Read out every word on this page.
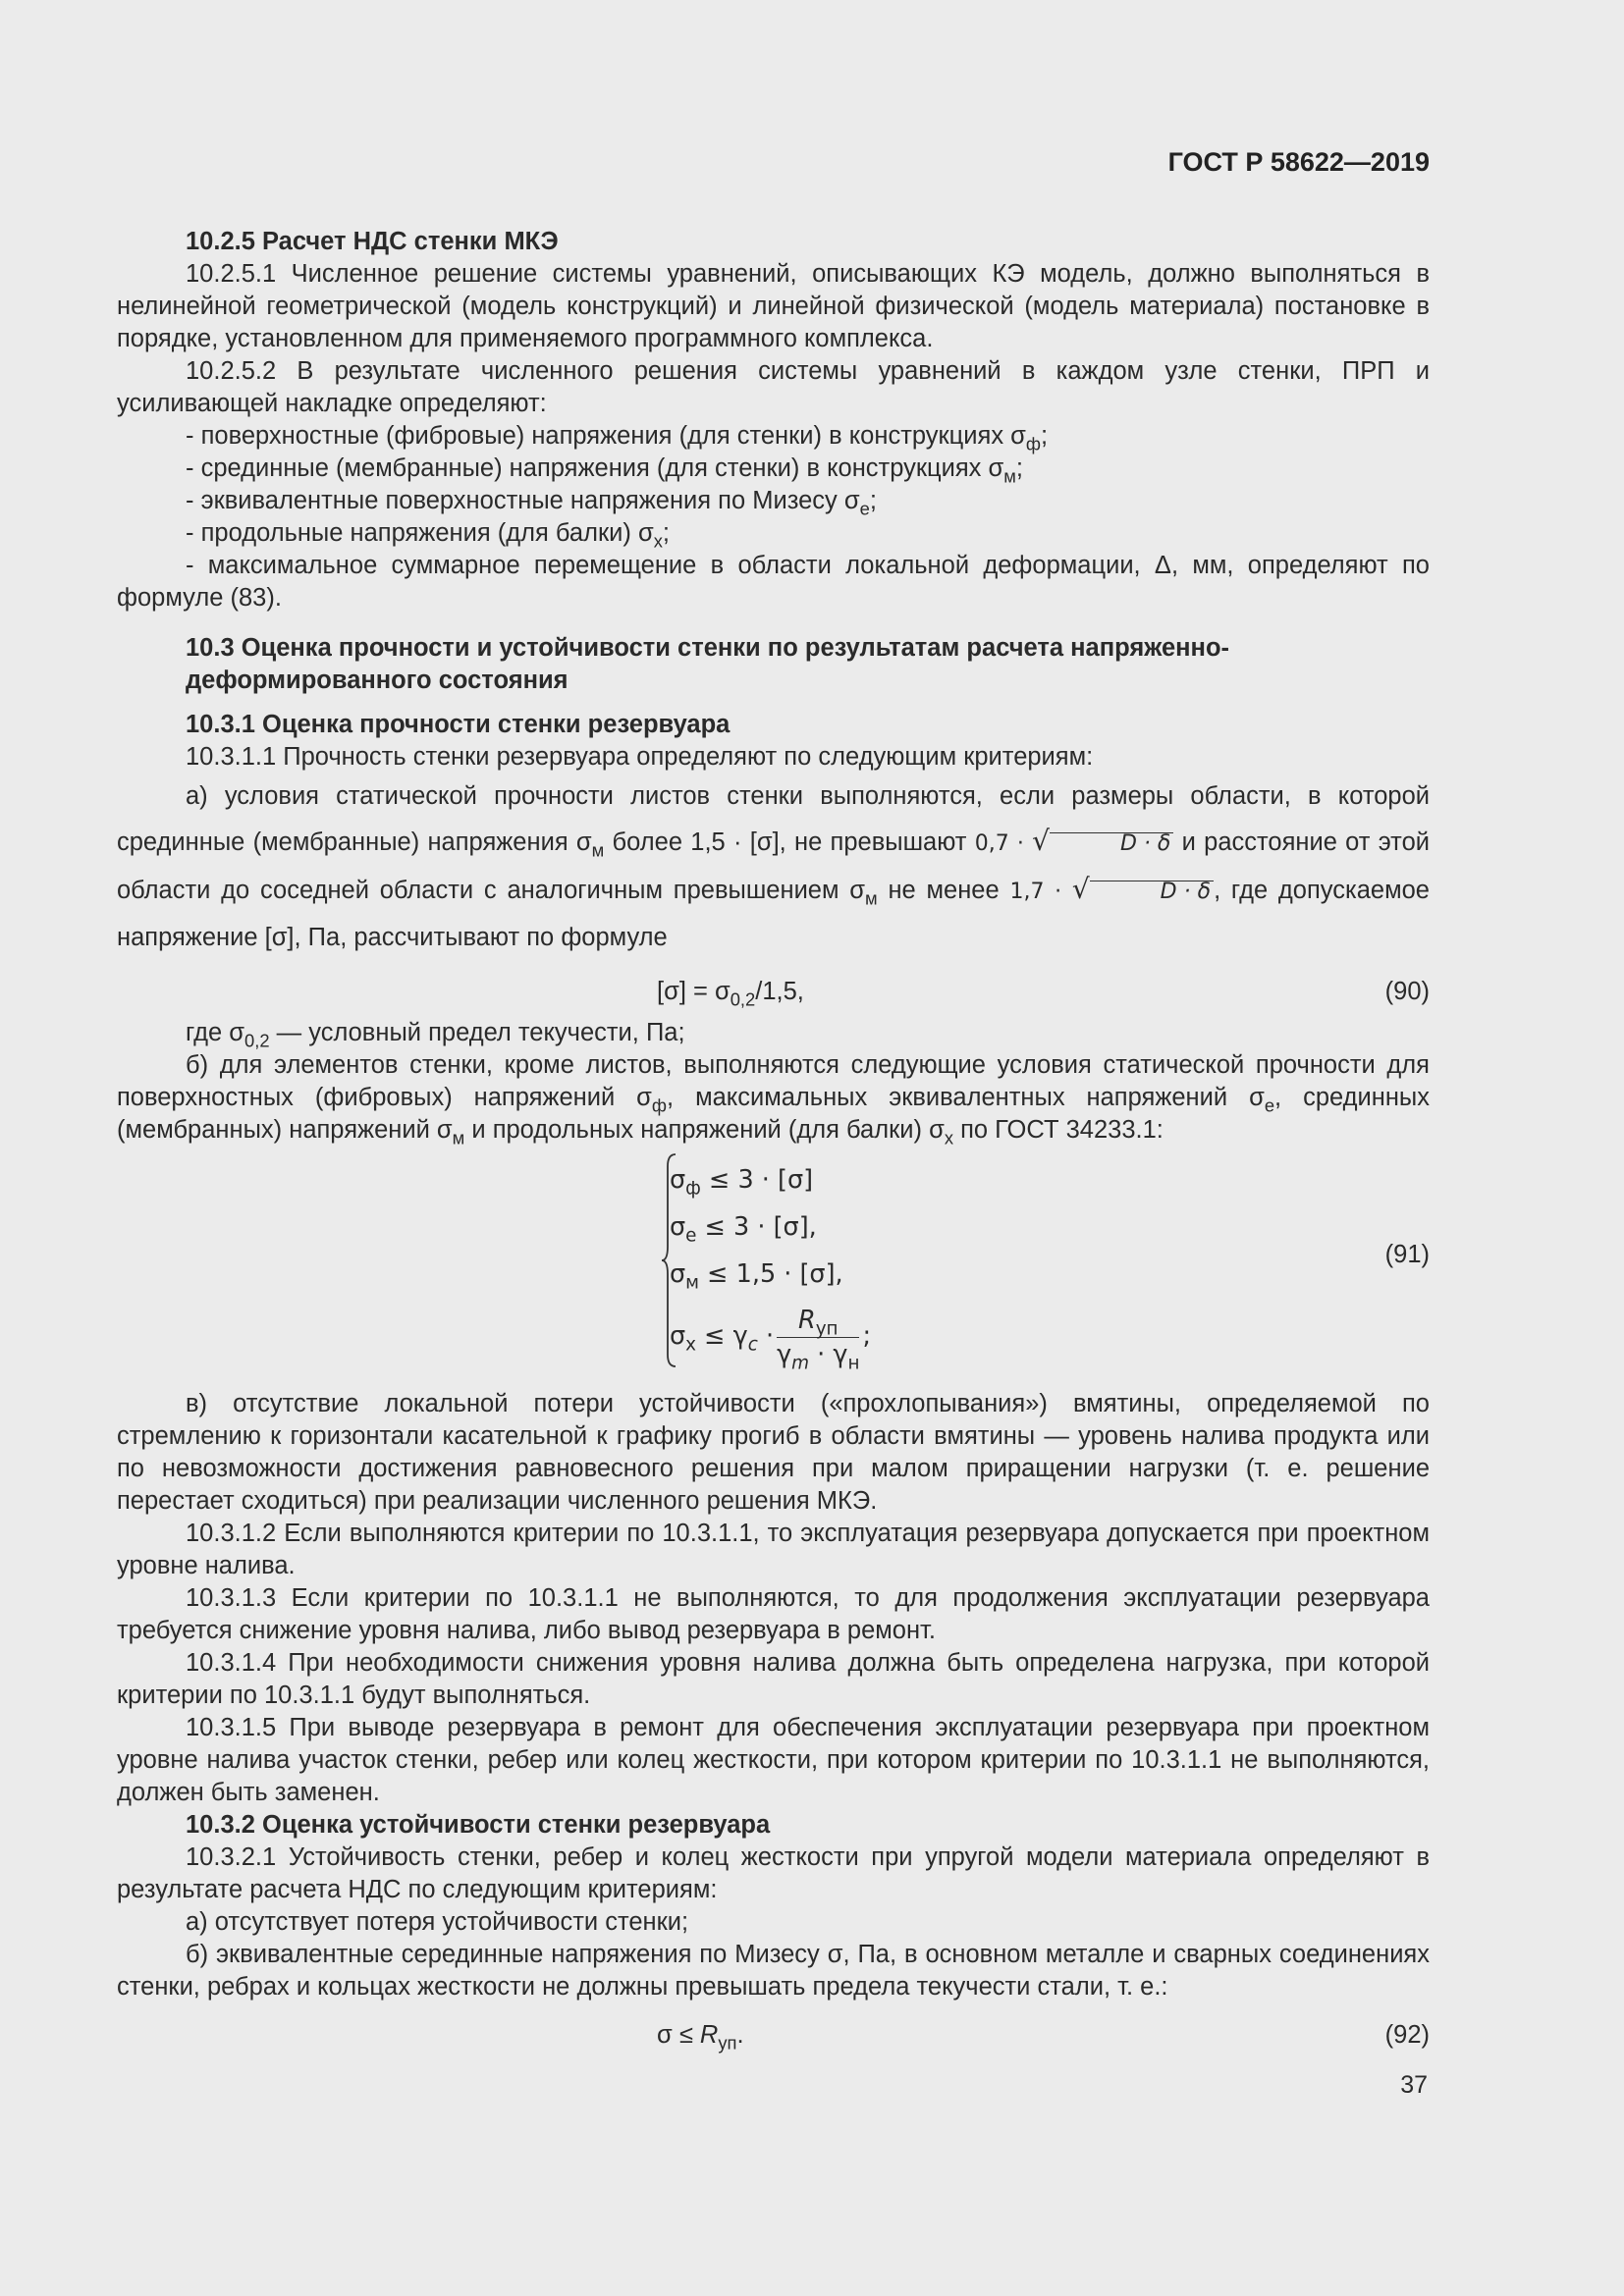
ГОСТ Р 58622—2019

10.2.5 Расчет НДС стенки МКЭ

10.2.5.1 Численное решение системы уравнений, описывающих КЭ модель, должно выполняться в нелинейной геометрической (модель конструкций) и линейной физической (модель материала) постановке в порядке, установленном для применяемого программного комплекса.

10.2.5.2 В результате численного решения системы уравнений в каждом узле стенки, ПРП и усиливающей накладке определяют:

- поверхностные (фибровые) напряжения (для стенки) в конструкциях $\sigma_ф$;

- срединные (мембранные) напряжения (для стенки) в конструкциях $\sigma_м$;

- эквивалентные поверхностные напряжения по Мизесу $\sigma_е$;

- продольные напряжения (для балки) $\sigma_x$;

- максимальное суммарное перемещение в области локальной деформации, Δ, мм, определяют по формуле (83).

10.3 Оценка прочности и устойчивости стенки по результатам расчета напряженно-
деформированного состояния

10.3.1 Оценка прочности стенки резервуара

10.3.1.1 Прочность стенки резервуара определяют по следующим критериям:

а) условия статической прочности листов стенки выполняются, если размеры области, в которой срединные (мембранные) напряжения $\sigma_м$ более 1,5 · [σ], не превышают 0,7 · √	D · δ и расстояние от этой области до соседней области с аналогичным превышением $\sigma_м$ не менее 1,7 · √	D · δ , где допускаемое напряжение [σ], Па, рассчитывают по формуле

$[\sigma] = \sigma_{0,2}/1,5$,	(90)

где $\sigma_{0,2}$ — условный предел текучести, Па;

б) для элементов стенки, кроме листов, выполняются следующие условия статической прочности для поверхностных (фибровых) напряжений $\sigma_ф$, максимальных эквивалентных напряжений $\sigma_е$, срединных (мембранных) напряжений $\sigma_м$ и продольных напряжений (для балки) $\sigma_x$ по ГОСТ 34233.1:

$\sigma_ф \le 3 \cdot [\sigma]$
$\sigma_е \le 3 \cdot [\sigma]$,
$\sigma_м \le 1,5 \cdot [\sigma]$,
$\sigma_x \le \gamma_c \cdot \frac{R_{уп}}{\gamma_m \cdot \gamma_н}$ ;
(91)

в) отсутствие локальной потери устойчивости («прохлопывания») вмятины, определяемой по стремлению к горизонтали касательной к графику прогиб в области вмятины — уровень налива продукта или по невозможности достижения равновесного решения при малом приращении нагрузки (т. е. решение перестает сходиться) при реализации численного решения МКЭ.

10.3.1.2 Если выполняются критерии по 10.3.1.1, то эксплуатация резервуара допускается при проектном уровне налива.

10.3.1.3 Если критерии по 10.3.1.1 не выполняются, то для продолжения эксплуатации резервуара требуется снижение уровня налива, либо вывод резервуара в ремонт.

10.3.1.4 При необходимости снижения уровня налива должна быть определена нагрузка, при которой критерии по 10.3.1.1 будут выполняться.

10.3.1.5 При выводе резервуара в ремонт для обеспечения эксплуатации резервуара при проектном уровне налива участок стенки, ребер или колец жесткости, при котором критерии по 10.3.1.1 не выполняются, должен быть заменен.

10.3.2 Оценка устойчивости стенки резервуара

10.3.2.1 Устойчивость стенки, ребер и колец жесткости при упругой модели материала определяют в результате расчета НДС по следующим критериям:

а) отсутствует потеря устойчивости стенки;

б) эквивалентные серединные напряжения по Мизесу σ, Па, в основном металле и сварных соединениях стенки, ребрах и кольцах жесткости не должны превышать предела текучести стали, т. е.:

$\sigma \le R_{уп}$.	(92)
37
